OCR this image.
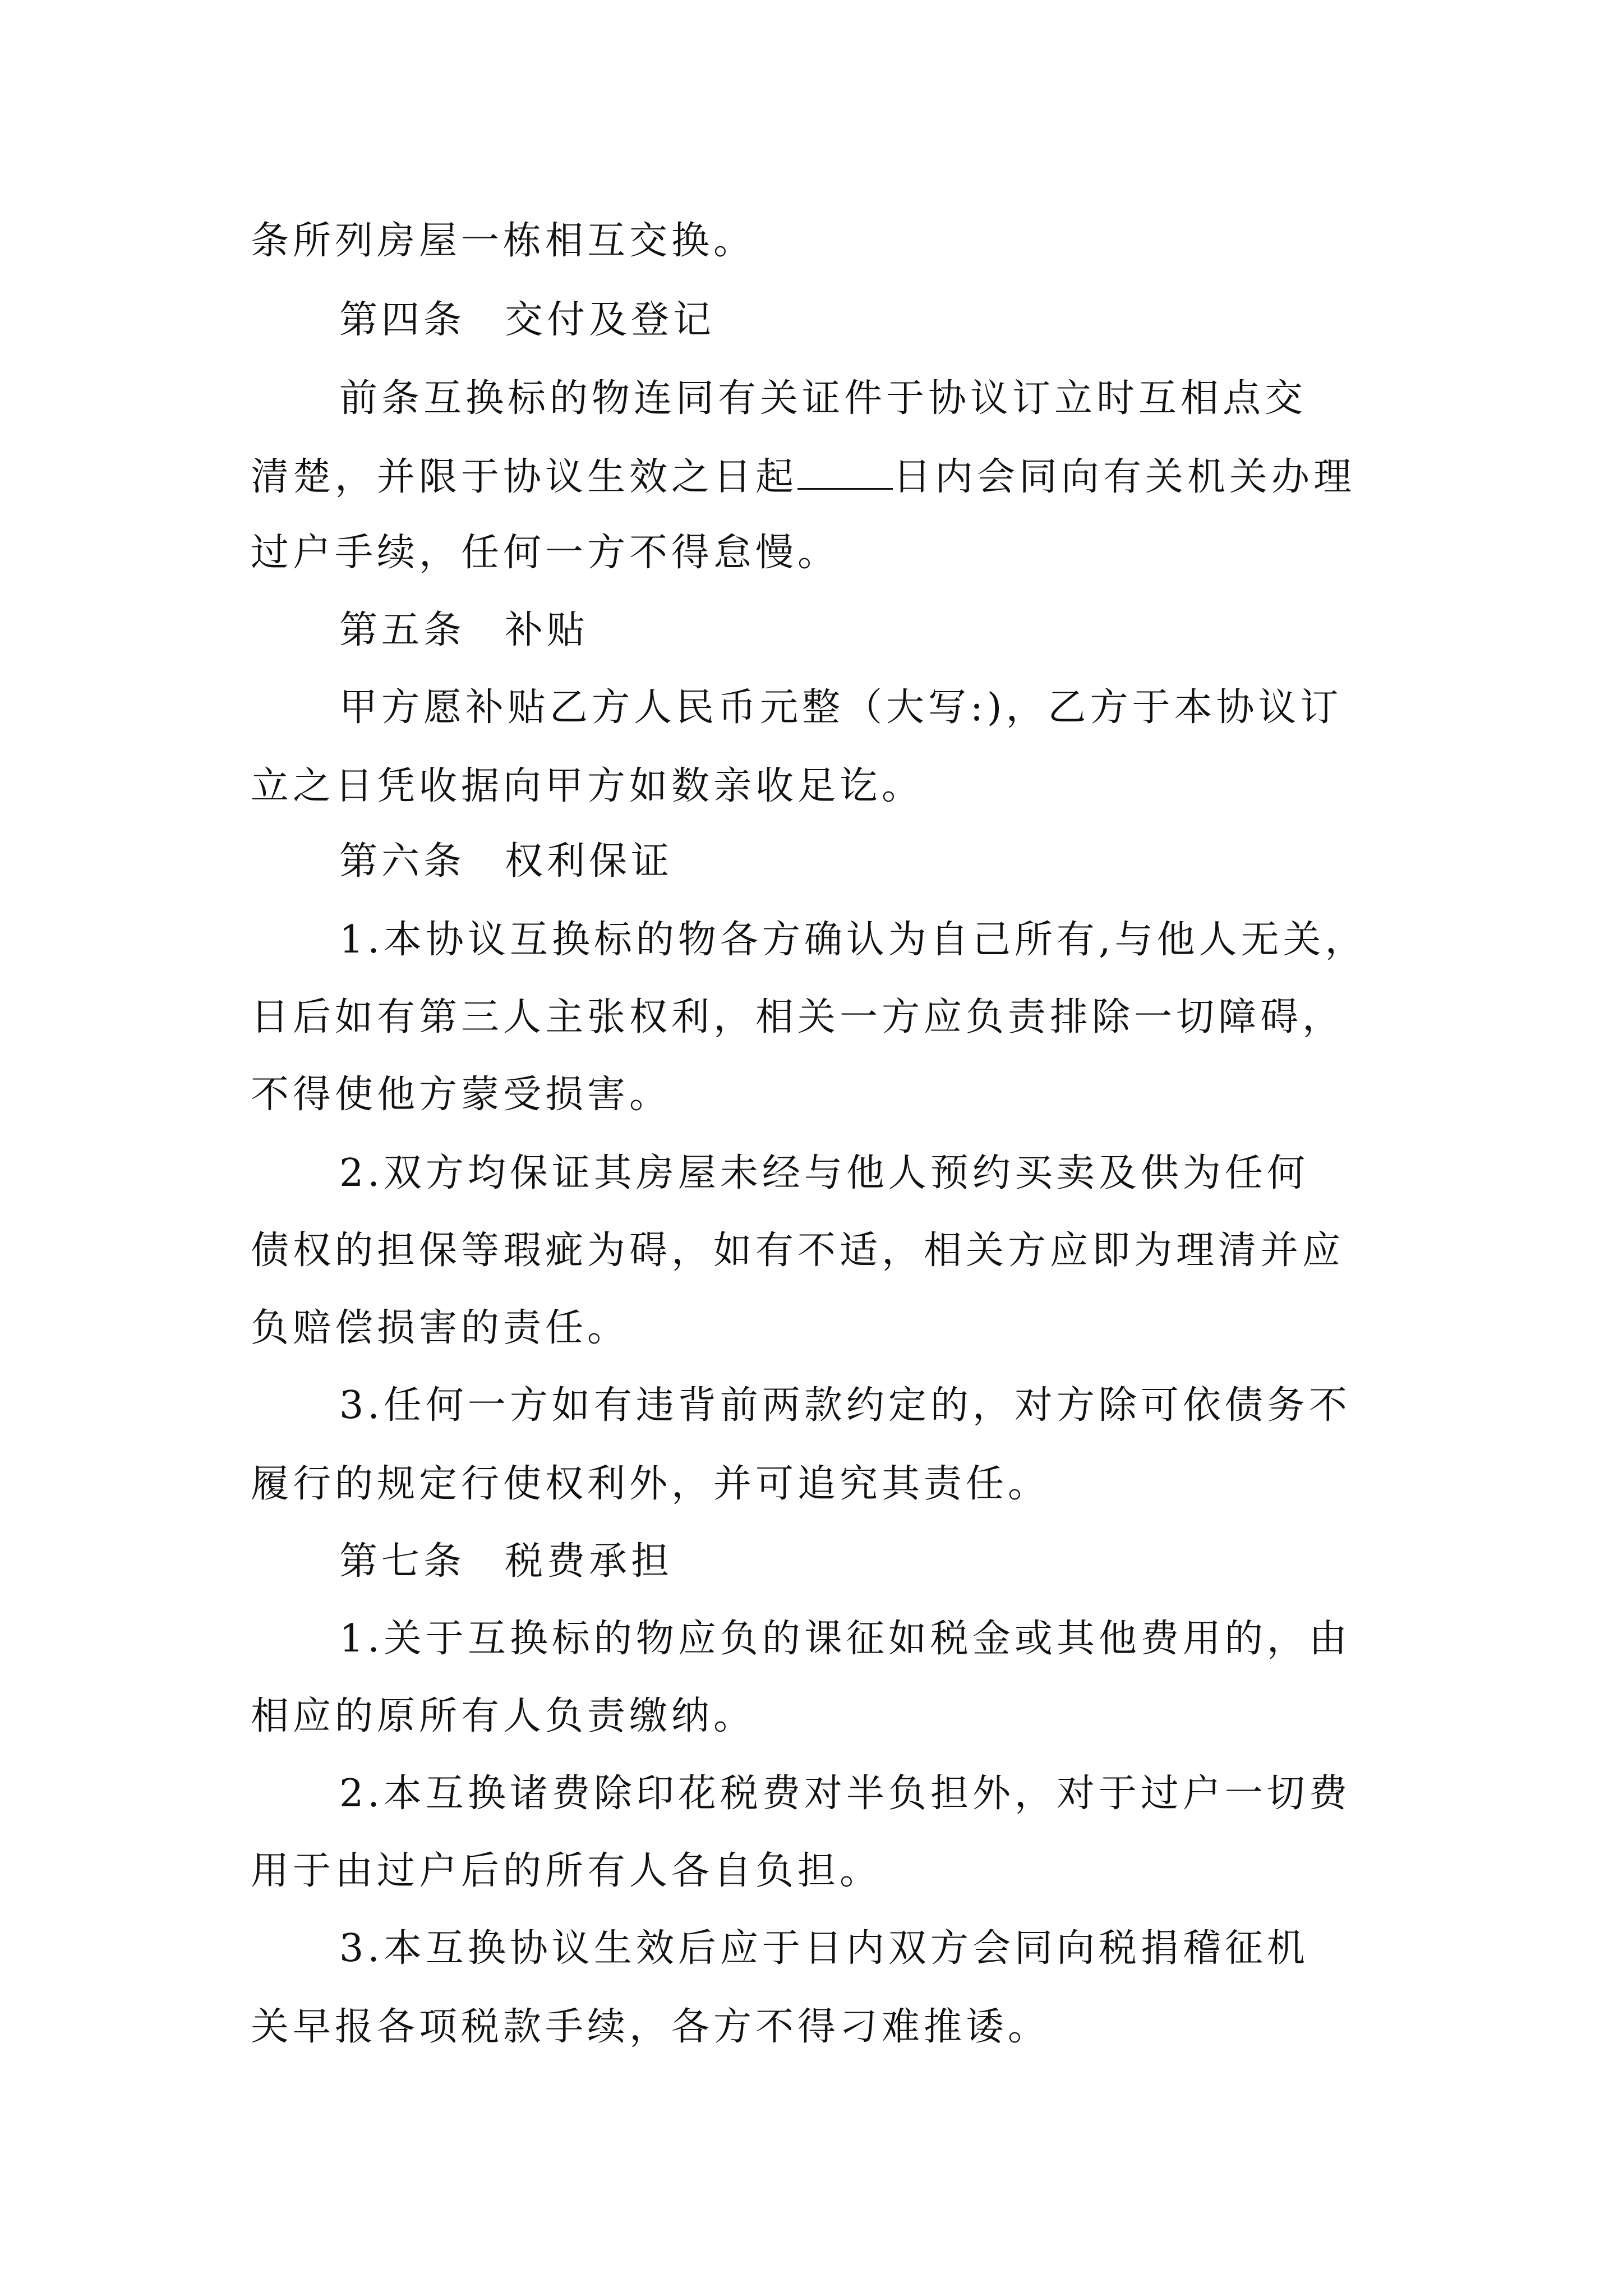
条所列房屋一栋相互交换。
第四条 交付及登记
前条互换标的物连同有关证件于协议订立时互相点交
清楚，并限于协议生效之日起	日内会同向有关机关办理
过户手续，任何一方不得怠慢。
第五条 补贴
甲方愿补贴乙方人民币元整（大写:)，乙方于本协议订
立之日凭收据向甲方如数亲收足讫。
第六条 权利保证
1.本协议互换标的物各方确认为自己所有,与他人无关，
日后如有第三人主张权利，相关一方应负责排除一切障碍，
不得使他方蒙受损害。
2.双方均保证其房屋未经与他人预约买卖及供为任何
债权的担保等瑕疵为碍，如有不适，相关方应即为理清并应
负赔偿损害的责任。
3.任何一方如有违背前两款约定的，对方除可依债务不
履行的规定行使权利外，并可追究其责任。
第七条 税费承担
1.关于互换标的物应负的课征如税金或其他费用的，由
相应的原所有人负责缴纳。
2.本互换诸费除印花税费对半负担外，对于过户一切费
用于由过户后的所有人各自负担。
3.本互换协议生效后应于日内双方会同向税捐稽征机
关早报各项税款手续，各方不得刁难推诿。
